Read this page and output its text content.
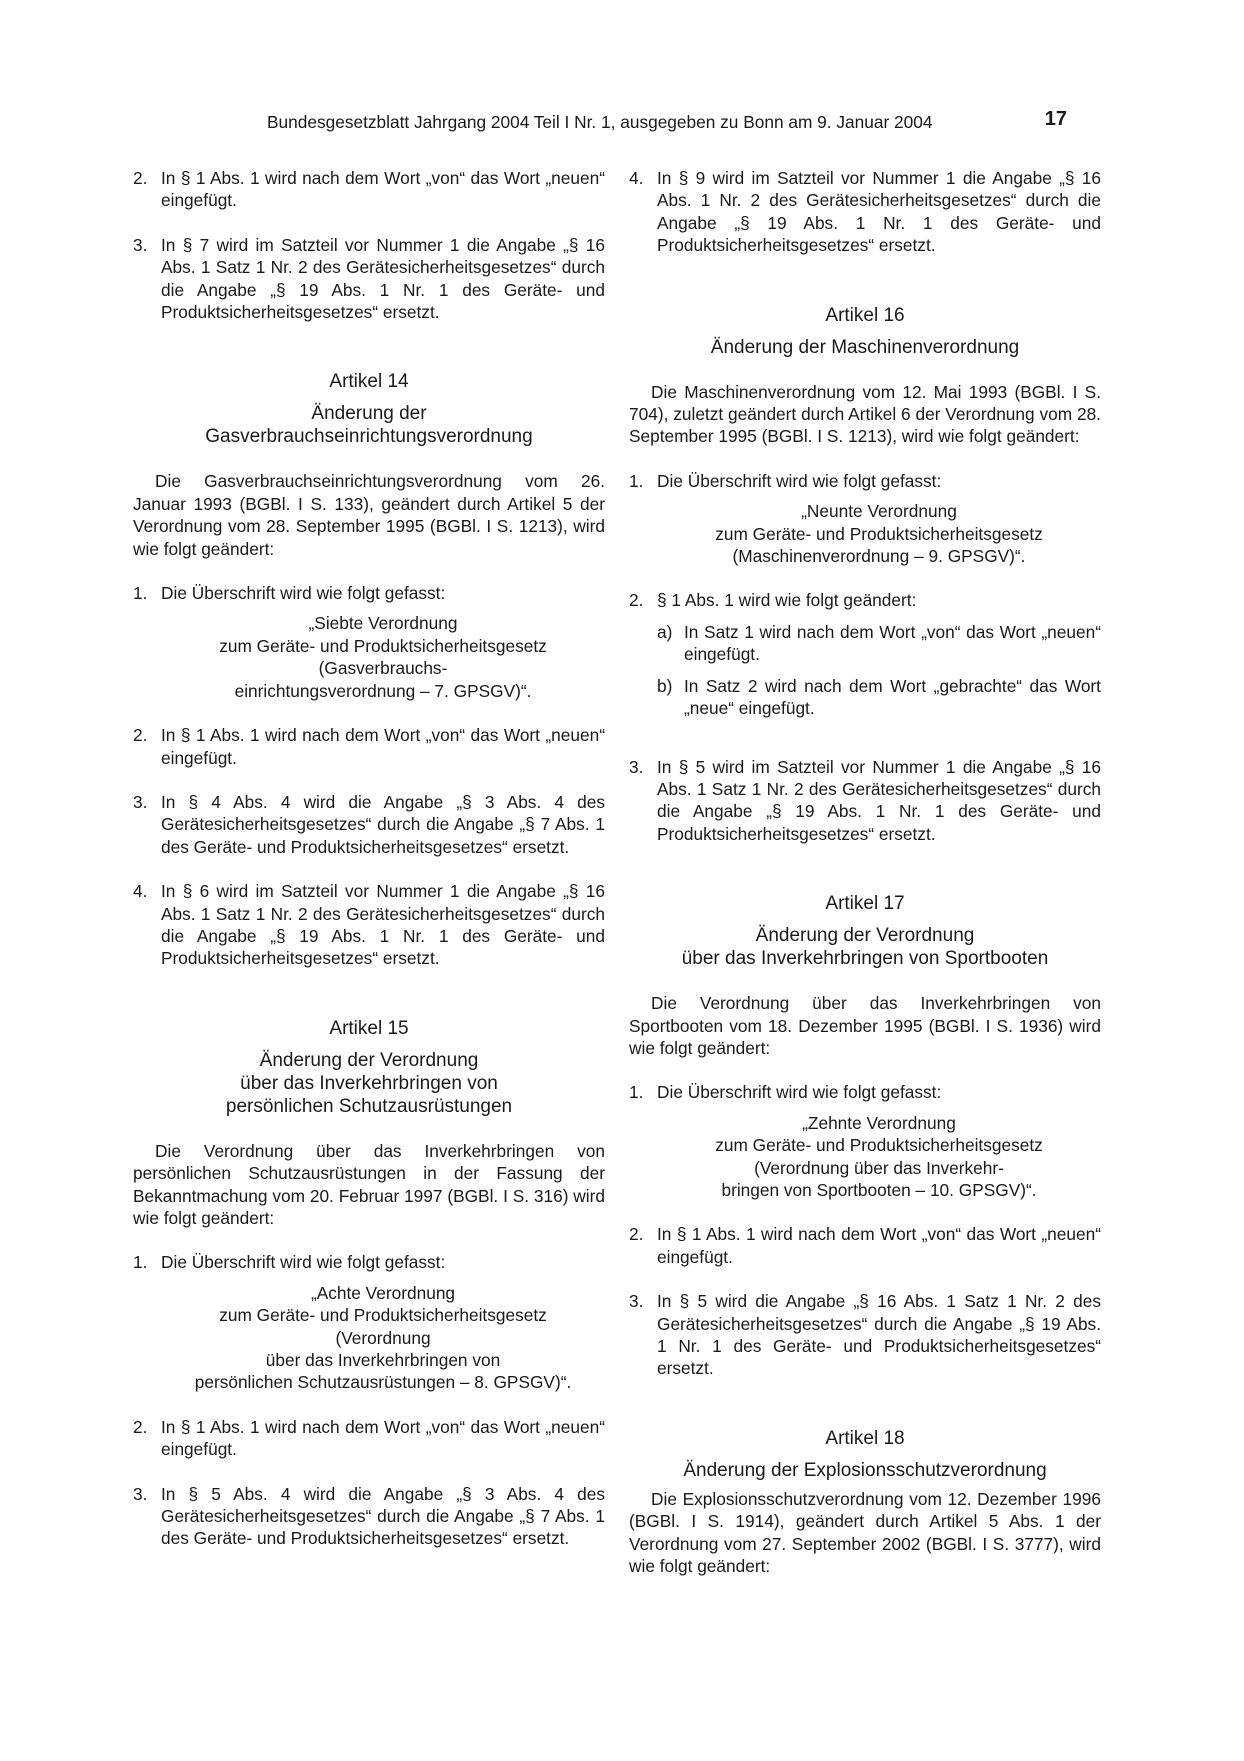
Bundesgesetzblatt Jahrgang 2004 Teil I Nr. 1, ausgegeben zu Bonn am 9. Januar 2004	17
2. In § 1 Abs. 1 wird nach dem Wort „von“ das Wort „neuen“ eingefügt.
3. In § 7 wird im Satzteil vor Nummer 1 die Angabe „§ 16 Abs. 1 Satz 1 Nr. 2 des Gerätesicherheitsgesetzes“ durch die Angabe „§ 19 Abs. 1 Nr. 1 des Geräte- und Produktsicherheitsgesetzes“ ersetzt.
Artikel 14
Änderung der
Gasverbrauchseinrichtungsverordnung
Die Gasverbrauchseinrichtungsverordnung vom 26. Januar 1993 (BGBl. I S. 133), geändert durch Artikel 5 der Verordnung vom 28. September 1995 (BGBl. I S. 1213), wird wie folgt geändert:
1. Die Überschrift wird wie folgt gefasst:
„Siebte Verordnung
zum Geräte- und Produktsicherheitsgesetz
(Gasverbrauchs-
einrichtungsverordnung – 7. GPSGV)“.
2. In § 1 Abs. 1 wird nach dem Wort „von“ das Wort „neuen“ eingefügt.
3. In § 4 Abs. 4 wird die Angabe „§ 3 Abs. 4 des Gerätesicherheitsgesetzes“ durch die Angabe „§ 7 Abs. 1 des Geräte- und Produktsicherheitsgesetzes“ ersetzt.
4. In § 6 wird im Satzteil vor Nummer 1 die Angabe „§ 16 Abs. 1 Satz 1 Nr. 2 des Gerätesicherheitsgesetzes“ durch die Angabe „§ 19 Abs. 1 Nr. 1 des Geräte- und Produktsicherheitsgesetzes“ ersetzt.
Artikel 15
Änderung der Verordnung
über das Inverkehrbringen von
persönlichen Schutzausrüstungen
Die Verordnung über das Inverkehrbringen von persönlichen Schutzausrüstungen in der Fassung der Bekanntmachung vom 20. Februar 1997 (BGBl. I S. 316) wird wie folgt geändert:
1. Die Überschrift wird wie folgt gefasst:
„Achte Verordnung
zum Geräte- und Produktsicherheitsgesetz
(Verordnung
über das Inverkehrbringen von
persönlichen Schutzausrüstungen – 8. GPSGV)“.
2. In § 1 Abs. 1 wird nach dem Wort „von“ das Wort „neuen“ eingefügt.
3. In § 5 Abs. 4 wird die Angabe „§ 3 Abs. 4 des Gerätesicherheitsgesetzes“ durch die Angabe „§ 7 Abs. 1 des Geräte- und Produktsicherheitsgesetzes“ ersetzt.
4. In § 9 wird im Satzteil vor Nummer 1 die Angabe „§ 16 Abs. 1 Nr. 2 des Gerätesicherheitsgesetzes“ durch die Angabe „§ 19 Abs. 1 Nr. 1 des Geräte- und Produktsicherheitsgesetzes“ ersetzt.
Artikel 16
Änderung der Maschinenverordnung
Die Maschinenverordnung vom 12. Mai 1993 (BGBl. I S. 704), zuletzt geändert durch Artikel 6 der Verordnung vom 28. September 1995 (BGBl. I S. 1213), wird wie folgt geändert:
1. Die Überschrift wird wie folgt gefasst:
„Neunte Verordnung
zum Geräte- und Produktsicherheitsgesetz
(Maschinenverordnung – 9. GPSGV)“.
2. § 1 Abs. 1 wird wie folgt geändert:
a) In Satz 1 wird nach dem Wort „von“ das Wort „neuen“ eingefügt.
b) In Satz 2 wird nach dem Wort „gebrachte“ das Wort „neue“ eingefügt.
3. In § 5 wird im Satzteil vor Nummer 1 die Angabe „§ 16 Abs. 1 Satz 1 Nr. 2 des Gerätesicherheitsgesetzes“ durch die Angabe „§ 19 Abs. 1 Nr. 1 des Geräte- und Produktsicherheitsgesetzes“ ersetzt.
Artikel 17
Änderung der Verordnung
über das Inverkehrbringen von Sportbooten
Die Verordnung über das Inverkehrbringen von Sportbooten vom 18. Dezember 1995 (BGBl. I S. 1936) wird wie folgt geändert:
1. Die Überschrift wird wie folgt gefasst:
„Zehnte Verordnung
zum Geräte- und Produktsicherheitsgesetz
(Verordnung über das Inverkehr-
bringen von Sportbooten – 10. GPSGV)“.
2. In § 1 Abs. 1 wird nach dem Wort „von“ das Wort „neuen“ eingefügt.
3. In § 5 wird die Angabe „§ 16 Abs. 1 Satz 1 Nr. 2 des Gerätesicherheitsgesetzes“ durch die Angabe „§ 19 Abs. 1 Nr. 1 des Geräte- und Produktsicherheitsgesetzes“ ersetzt.
Artikel 18
Änderung der Explosionsschutzverordnung
Die Explosionsschutzverordnung vom 12. Dezember 1996 (BGBl. I S. 1914), geändert durch Artikel 5 Abs. 1 der Verordnung vom 27. September 2002 (BGBl. I S. 3777), wird wie folgt geändert:
